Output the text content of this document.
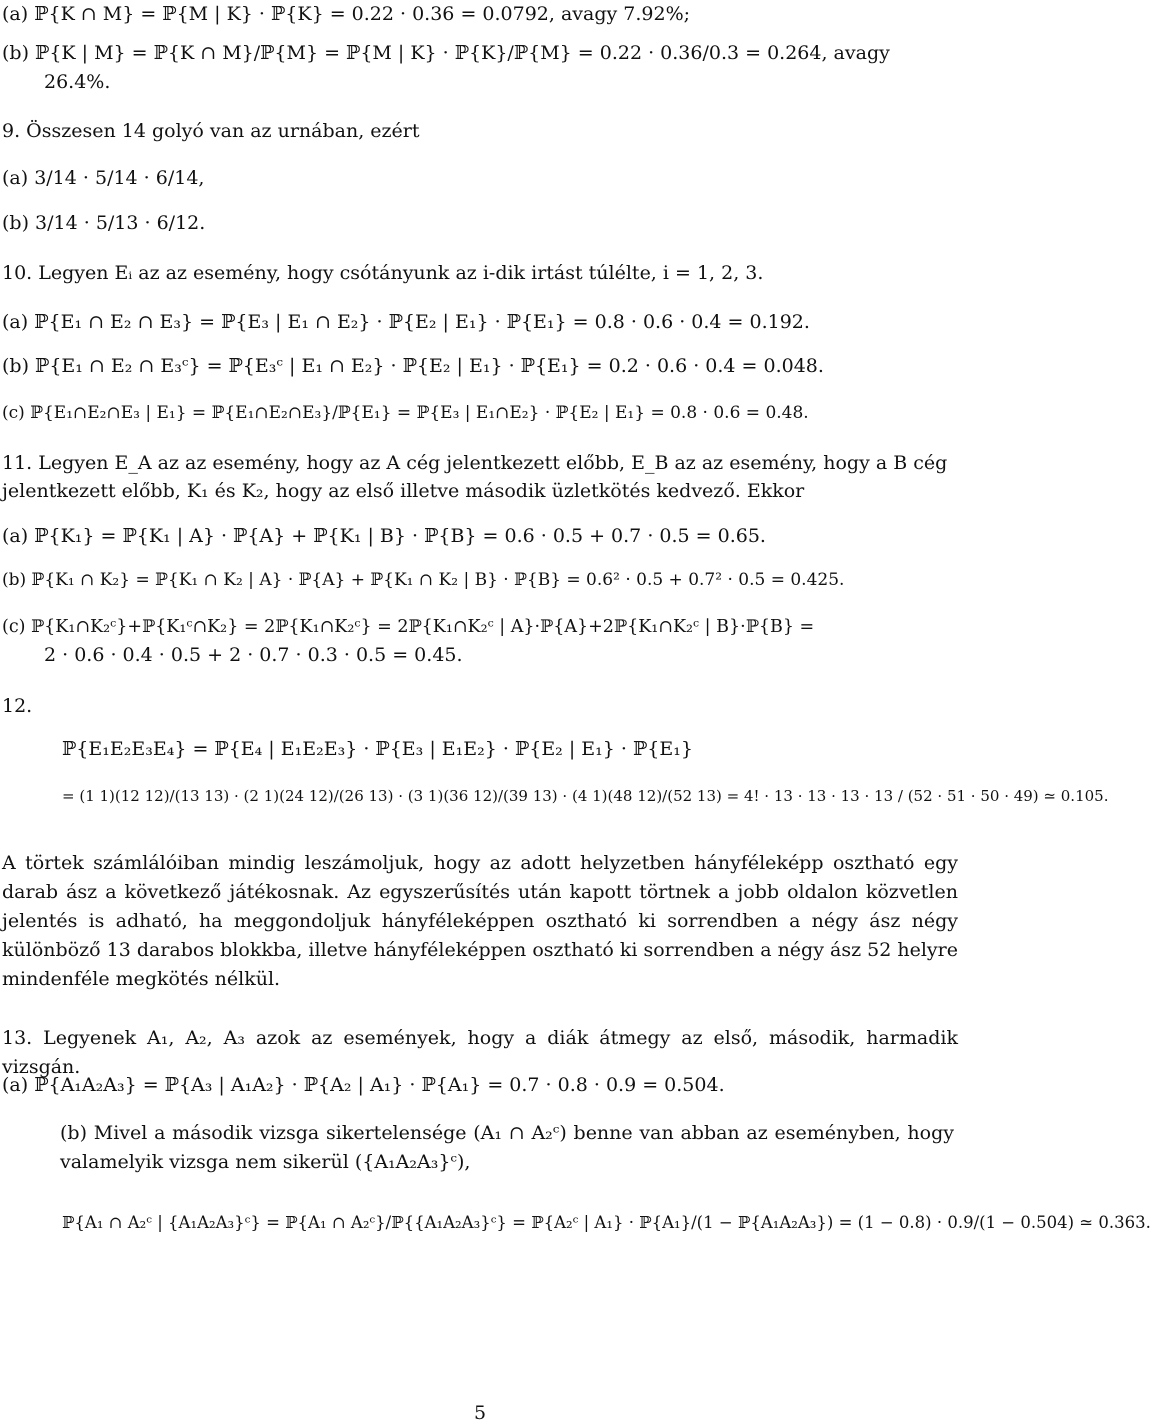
(a) ℙ{K ∩ M} = ℙ{M | K} · ℙ{K} = 0.22 · 0.36 = 0.0792, avagy 7.92%;
(b) ℙ{K | M} = ℙ{K ∩ M}/ℙ{M} = ℙ{M | K} · ℙ{K}/ℙ{M} = 0.22 · 0.36/0.3 = 0.264, avagy
26.4%.
9. Összesen 14 golyó van az urnában, ezért
(a) 3/14 · 5/14 · 6/14,
(b) 3/14 · 5/13 · 6/12.
10. Legyen Eᵢ az az esemény, hogy csótányunk az i-dik irtást túlélte, i = 1, 2, 3.
(a) ℙ{E₁ ∩ E₂ ∩ E₃} = ℙ{E₃ | E₁ ∩ E₂} · ℙ{E₂ | E₁} · ℙ{E₁} = 0.8 · 0.6 · 0.4 = 0.192.
(b) ℙ{E₁ ∩ E₂ ∩ E₃ᶜ} = ℙ{E₃ᶜ | E₁ ∩ E₂} · ℙ{E₂ | E₁} · ℙ{E₁} = 0.2 · 0.6 · 0.4 = 0.048.
(c) ℙ{E₁∩E₂∩E₃ | E₁} = ℙ{E₁∩E₂∩E₃}/ℙ{E₁} = ℙ{E₃ | E₁∩E₂} · ℙ{E₂ | E₁} = 0.8 · 0.6 = 0.48.
11. Legyen E_A az az esemény, hogy az A cég jelentkezett előbb, E_B az az esemény, hogy a B cég
jelentkezett előbb, K₁ és K₂, hogy az első illetve második üzletkötés kedvező. Ekkor
(a) ℙ{K₁} = ℙ{K₁ | A} · ℙ{A} + ℙ{K₁ | B} · ℙ{B} = 0.6 · 0.5 + 0.7 · 0.5 = 0.65.
(b) ℙ{K₁ ∩ K₂} = ℙ{K₁ ∩ K₂ | A} · ℙ{A} + ℙ{K₁ ∩ K₂ | B} · ℙ{B} = 0.6² · 0.5 + 0.7² · 0.5 = 0.425.
(c) ℙ{K₁∩K₂ᶜ}+ℙ{K₁ᶜ∩K₂} = 2ℙ{K₁∩K₂ᶜ} = 2ℙ{K₁∩K₂ᶜ | A}·ℙ{A}+2ℙ{K₁∩K₂ᶜ | B}·ℙ{B} =
2 · 0.6 · 0.4 · 0.5 + 2 · 0.7 · 0.3 · 0.5 = 0.45.
12.
ℙ{E₁E₂E₃E₄} = ℙ{E₄ | E₁E₂E₃} · ℙ{E₃ | E₁E₂} · ℙ{E₂ | E₁} · ℙ{E₁}
= (1 1)(12 12)/(13 13) · (2 1)(24 12)/(26 13) · (3 1)(36 12)/(39 13) · (4 1)(48 12)/(52 13) = 4! · 13 · 13 · 13 · 13 / (52 · 51 · 50 · 49) ≃ 0.105.
A törtek számlálóiban mindig leszámoljuk, hogy az adott helyzetben hányféleképp osztható egy darab ász a következő játékosnak. Az egyszerűsítés után kapott törtnek a jobb oldalon közvetlen jelentés is adható, ha meggondoljuk hányféleképpen osztható ki sorrendben a négy ász négy különböző 13 darabos blokkba, illetve hányféleképpen osztható ki sorrendben a négy ász 52 helyre mindenféle megkötés nélkül.
13. Legyenek A₁, A₂, A₃ azok az események, hogy a diák átmegy az első, második, harmadik vizsgán.
(a) ℙ{A₁A₂A₃} = ℙ{A₃ | A₁A₂} · ℙ{A₂ | A₁} · ℙ{A₁} = 0.7 · 0.8 · 0.9 = 0.504.
(b) Mivel a második vizsga sikertelensége (A₁ ∩ A₂ᶜ) benne van abban az eseményben, hogy valamelyik vizsga nem sikerül ({A₁A₂A₃}ᶜ),
ℙ{A₁ ∩ A₂ᶜ | {A₁A₂A₃}ᶜ} = ℙ{A₁ ∩ A₂ᶜ}/ℙ{{A₁A₂A₃}ᶜ} = ℙ{A₂ᶜ | A₁} · ℙ{A₁}/(1 − ℙ{A₁A₂A₃}) = (1 − 0.8) · 0.9/(1 − 0.504) ≃ 0.363.
5
